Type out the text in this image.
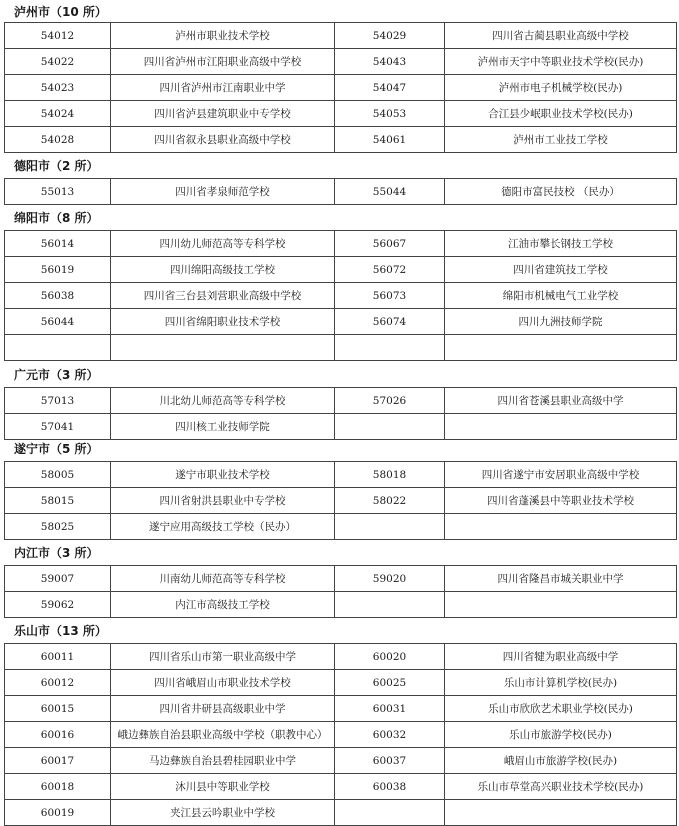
泸州市（10 所）
54012	泸州市职业技术学校	54029	四川省古蔺县职业高级中学校
54022	四川省泸州市江阳职业高级中学校	54043	泸州市天宇中等职业技术学校(民办)
54023	四川省泸州市江南职业中学	54047	泸州市电子机械学校(民办)
54024	四川省泸县建筑职业中专学校	54053	合江县少岷职业技术学校(民办)
54028	四川省叙永县职业高级中学校	54061	泸州市工业技工学校
德阳市（2 所）
55013	四川省孝泉师范学校	55044	德阳市富民技校 （民办）
绵阳市（8 所）
56014	四川幼儿师范高等专科学校	56067	江油市攀长钢技工学校
56019	四川绵阳高级技工学校	56072	四川省建筑技工学校
56038	四川省三台县刘营职业高级中学校	56073	绵阳市机械电气工业学校
56044	四川省绵阳职业技术学校	56074	四川九洲技师学院

广元市（3 所）
57013	川北幼儿师范高等专科学校	57026	四川省苍溪县职业高级中学
57041	四川核工业技师学院		
遂宁市（5 所）
58005	遂宁市职业技术学校	58018	四川省遂宁市安居职业高级中学校
58015	四川省射洪县职业中专学校	58022	四川省蓬溪县中等职业技术学校
58025	遂宁应用高级技工学校（民办）		
内江市（3 所）
59007	川南幼儿师范高等专科学校	59020	四川省隆昌市城关职业中学
59062	内江市高级技工学校		
乐山市（13 所）
60011	四川省乐山市第一职业高级中学	60020	四川省犍为职业高级中学
60012	四川省峨眉山市职业技术学校	60025	乐山市计算机学校(民办)
60015	四川省井研县高级职业中学	60031	乐山市欣欣艺术职业学校(民办)
60016	峨边彝族自治县职业高级中学校（职教中心）	60032	乐山市旅游学校(民办)
60017	马边彝族自治县碧桂园职业中学	60037	峨眉山市旅游学校(民办)
60018	沐川县中等职业学校	60038	乐山市草堂高兴职业技术学校(民办)
60019	夹江县云吟职业中学校		
